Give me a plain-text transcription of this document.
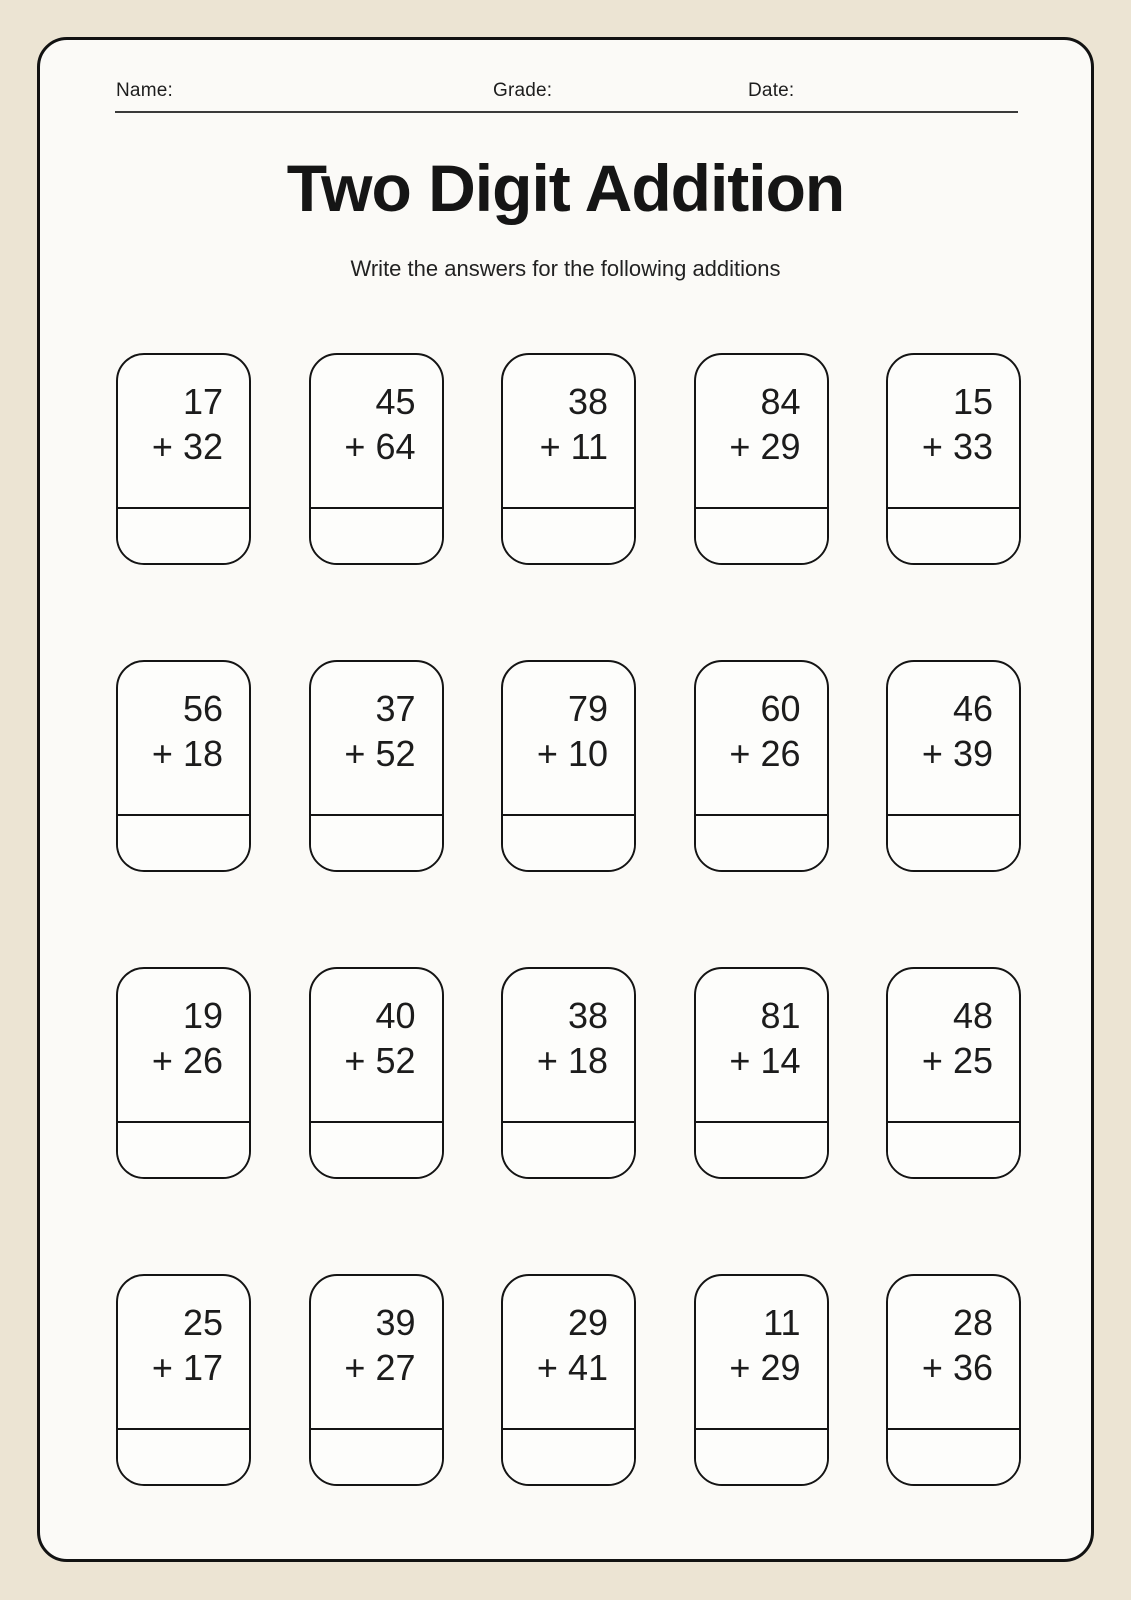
Name:	Grade:	Date:
Two Digit Addition
Write the answers for the following additions
17
+ 32
45
+ 64
38
+ 11
84
+ 29
15
+ 33
56
+ 18
37
+ 52
79
+ 10
60
+ 26
46
+ 39
19
+ 26
40
+ 52
38
+ 18
81
+ 14
48
+ 25
25
+ 17
39
+ 27
29
+ 41
11
+ 29
28
+ 36
